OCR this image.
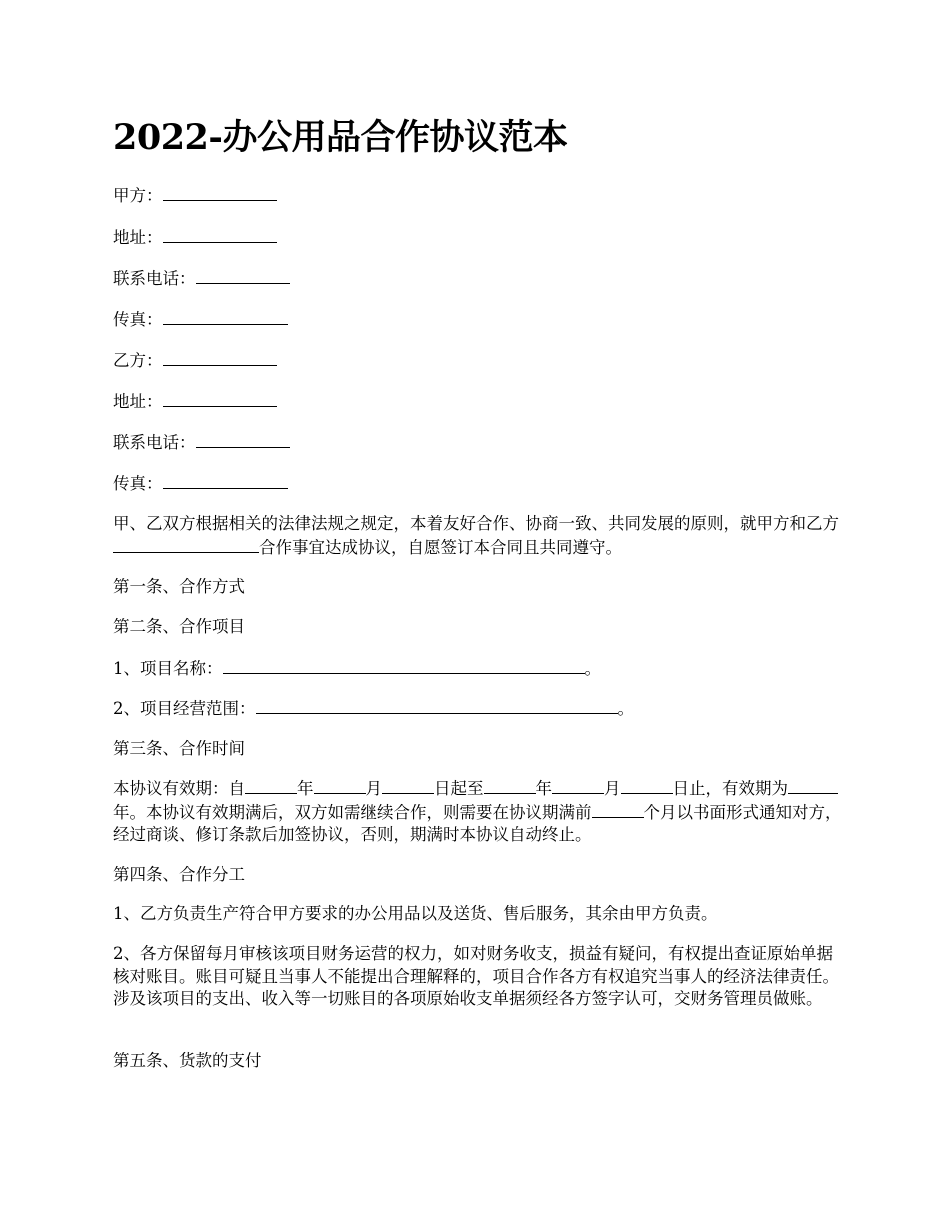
2022-办公用品合作协议范本
甲方：
地址：
联系电话：
传真：
乙方：
地址：
联系电话：
传真：
甲、乙双方根据相关的法律法规之规定，本着友好合作、协商一致、共同发展的原则，就甲方和乙方合作事宜达成协议，自愿签订本合同且共同遵守。
第一条、合作方式
第二条、合作项目
1、项目名称：	。
2、项目经营范围：	。
第三条、合作时间
本协议有效期：自	年	月	日起至	年	月	日止，有效期为年。本协议有效期满后，双方如需继续合作，则需要在协议期满前	个月以书面形式通知对方，经过商谈、修订条款后加签协议，否则，期满时本协议自动终止。
第四条、合作分工
1、乙方负责生产符合甲方要求的办公用品以及送货、售后服务，其余由甲方负责。
2、各方保留每月审核该项目财务运营的权力，如对财务收支，损益有疑问，有权提出查证原始单据核对账目。账目可疑且当事人不能提出合理解释的，项目合作各方有权追究当事人的经济法律责任。涉及该项目的支出、收入等一切账目的各项原始收支单据须经各方签字认可，交财务管理员做账。
第五条、货款的支付
